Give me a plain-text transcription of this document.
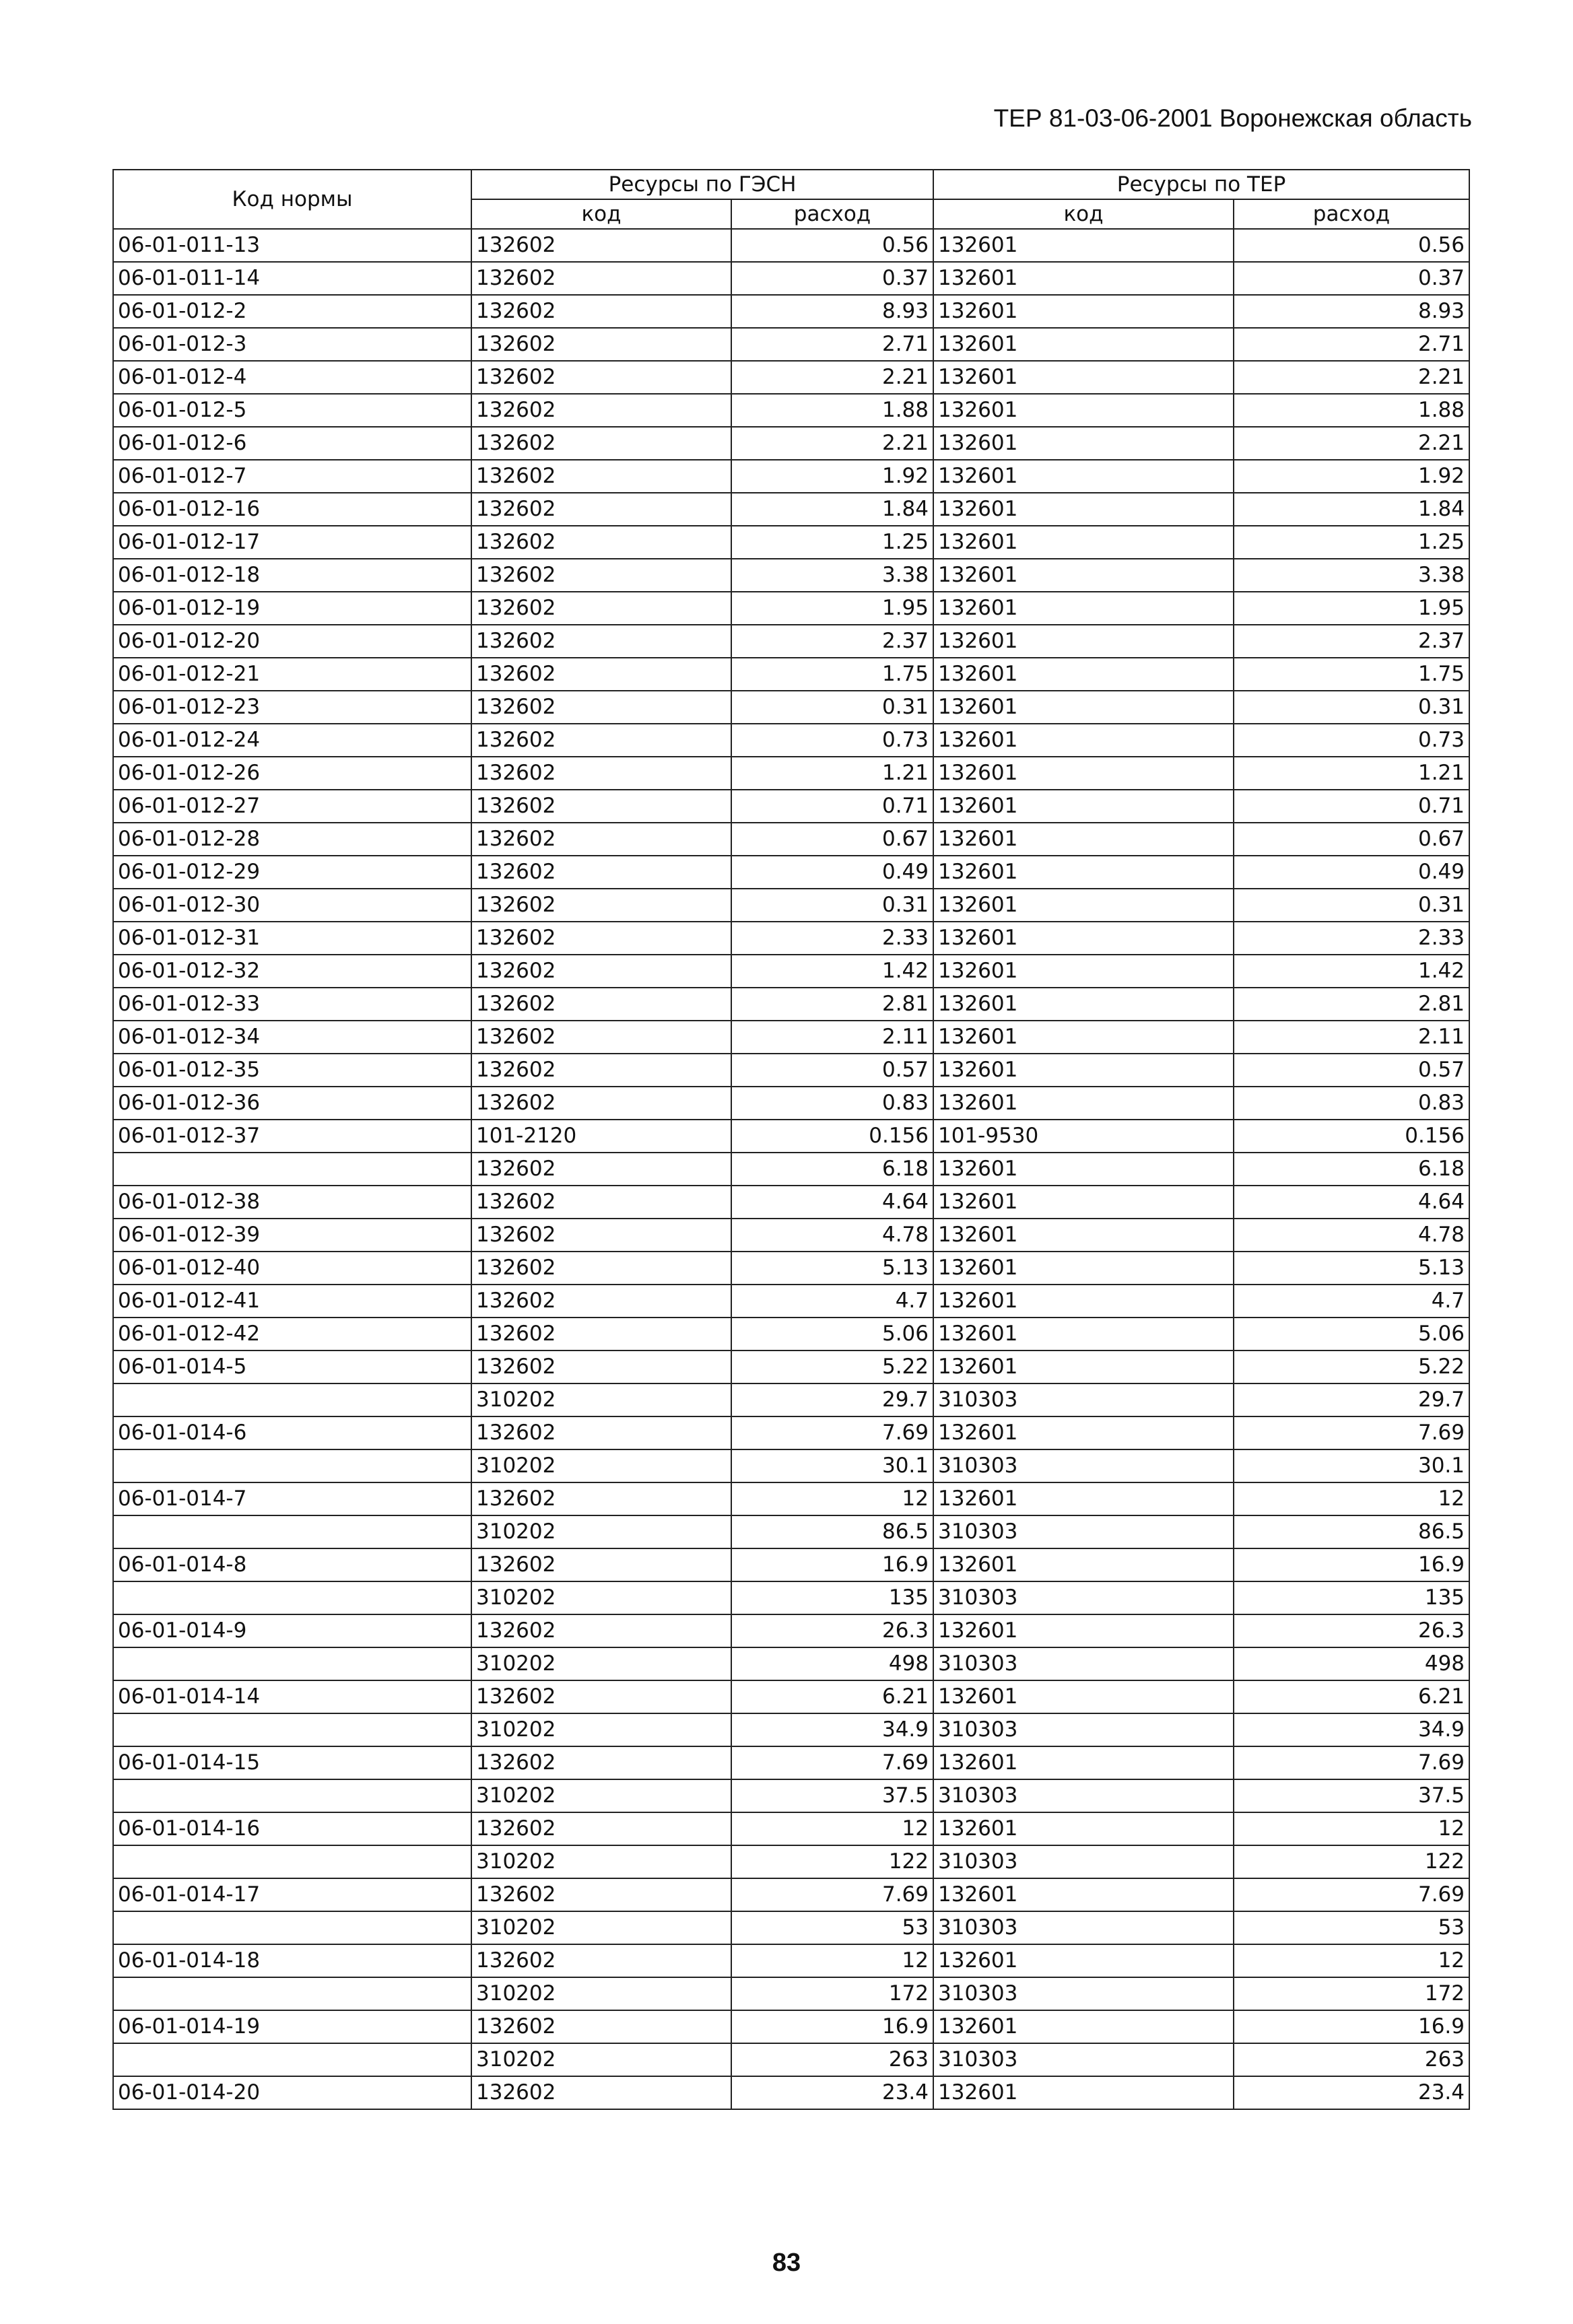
ТЕР 81-03-06-2001 Воронежская область
Код нормы	Ресурсы по ГЭСН		Ресурсы по ТЕР	
	код	расход	код	расход
06-01-011-13	132602	0.56	132601	0.56
06-01-011-14	132602	0.37	132601	0.37
06-01-012-2	132602	8.93	132601	8.93
06-01-012-3	132602	2.71	132601	2.71
06-01-012-4	132602	2.21	132601	2.21
06-01-012-5	132602	1.88	132601	1.88
06-01-012-6	132602	2.21	132601	2.21
06-01-012-7	132602	1.92	132601	1.92
06-01-012-16	132602	1.84	132601	1.84
06-01-012-17	132602	1.25	132601	1.25
06-01-012-18	132602	3.38	132601	3.38
06-01-012-19	132602	1.95	132601	1.95
06-01-012-20	132602	2.37	132601	2.37
06-01-012-21	132602	1.75	132601	1.75
06-01-012-23	132602	0.31	132601	0.31
06-01-012-24	132602	0.73	132601	0.73
06-01-012-26	132602	1.21	132601	1.21
06-01-012-27	132602	0.71	132601	0.71
06-01-012-28	132602	0.67	132601	0.67
06-01-012-29	132602	0.49	132601	0.49
06-01-012-30	132602	0.31	132601	0.31
06-01-012-31	132602	2.33	132601	2.33
06-01-012-32	132602	1.42	132601	1.42
06-01-012-33	132602	2.81	132601	2.81
06-01-012-34	132602	2.11	132601	2.11
06-01-012-35	132602	0.57	132601	0.57
06-01-012-36	132602	0.83	132601	0.83
06-01-012-37	101-2120	0.156	101-9530	0.156
	132602	6.18	132601	6.18
06-01-012-38	132602	4.64	132601	4.64
06-01-012-39	132602	4.78	132601	4.78
06-01-012-40	132602	5.13	132601	5.13
06-01-012-41	132602	4.7	132601	4.7
06-01-012-42	132602	5.06	132601	5.06
06-01-014-5	132602	5.22	132601	5.22
	310202	29.7	310303	29.7
06-01-014-6	132602	7.69	132601	7.69
	310202	30.1	310303	30.1
06-01-014-7	132602	12	132601	12
	310202	86.5	310303	86.5
06-01-014-8	132602	16.9	132601	16.9
	310202	135	310303	135
06-01-014-9	132602	26.3	132601	26.3
	310202	498	310303	498
06-01-014-14	132602	6.21	132601	6.21
	310202	34.9	310303	34.9
06-01-014-15	132602	7.69	132601	7.69
	310202	37.5	310303	37.5
06-01-014-16	132602	12	132601	12
	310202	122	310303	122
06-01-014-17	132602	7.69	132601	7.69
	310202	53	310303	53
06-01-014-18	132602	12	132601	12
	310202	172	310303	172
06-01-014-19	132602	16.9	132601	16.9
	310202	263	310303	263
06-01-014-20	132602	23.4	132601	23.4
83
